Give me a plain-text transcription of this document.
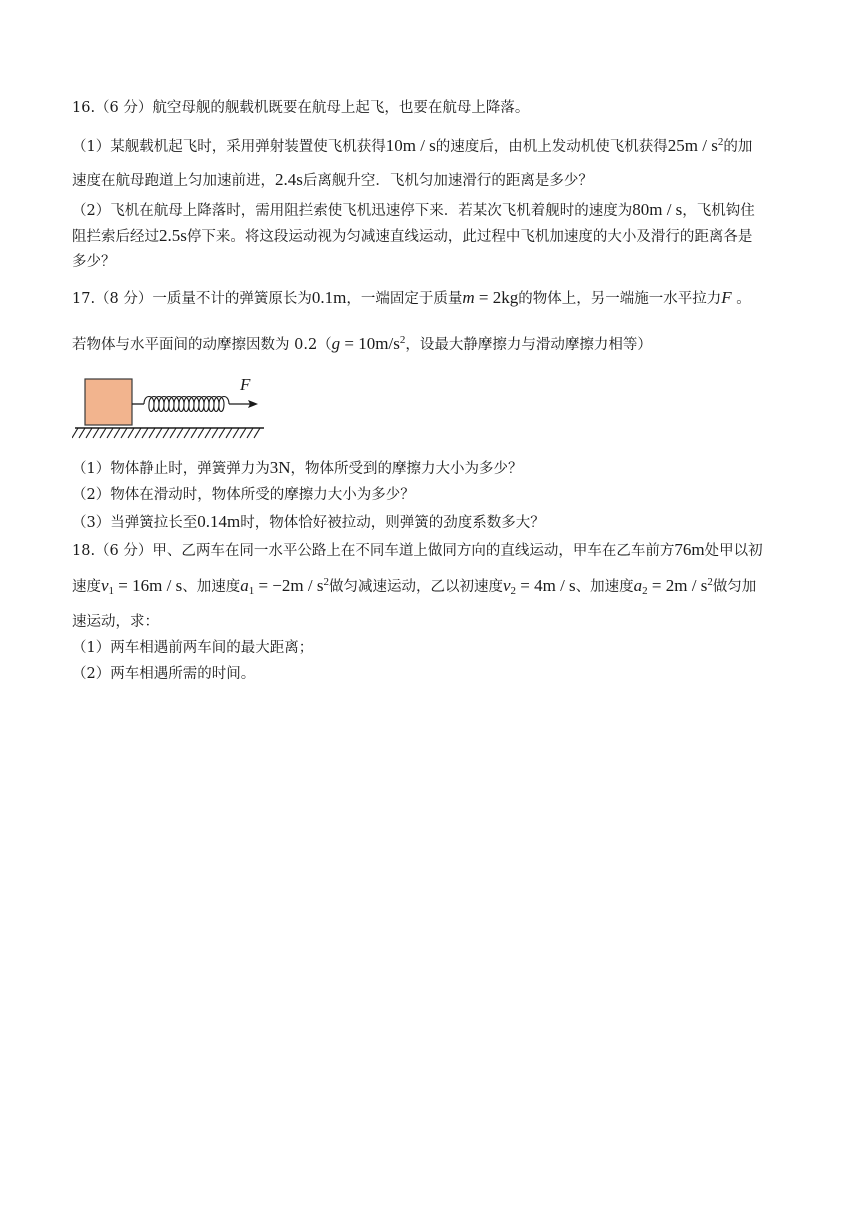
16.（6 分）航空母舰的舰载机既要在航母上起飞，也要在航母上降落。
（1）某舰载机起飞时，采用弹射装置使飞机获得10m / s的速度后，由机上发动机使飞机获得$25m / s^2$的加
速度在航母跑道上匀加速前进，2.4s后离舰升空．飞机匀加速滑行的距离是多少？
（2）飞机在航母上降落时，需用阻拦索使飞机迅速停下来．若某次飞机着舰时的速度为80m / s，飞机钩住
阻拦索后经过2.5s停下来。将这段运动视为匀减速直线运动，此过程中飞机加速度的大小及滑行的距离各是
多少？
17.（8 分）一质量不计的弹簧原长为0.1m，一端固定于质量m = 2kg的物体上，另一端施一水平拉力F 。
若物体与水平面间的动摩擦因数为 $0.2(g = 10m/s^2$，设最大静摩擦力与滑动摩擦力相等）
F
（1）物体静止时，弹簧弹力为3N，物体所受到的摩擦力大小为多少？
（2）物体在滑动时，物体所受的摩擦力大小为多少？
（3）当弹簧拉长至0.14m时，物体恰好被拉动，则弹簧的劲度系数多大？
18.（6 分）甲、乙两车在同一水平公路上在不同车道上做同方向的直线运动，甲车在乙车前方76m处甲以初
速度$v_1 = 16m / s$、加速度$a_1 = -2m / s^2$做匀减速运动，乙以初速度$v_2 = 4m / s$、加速度$a_2 = 2m / s^2$做匀加
速运动，求：
（1）两车相遇前两车间的最大距离；
（2）两车相遇所需的时间。
